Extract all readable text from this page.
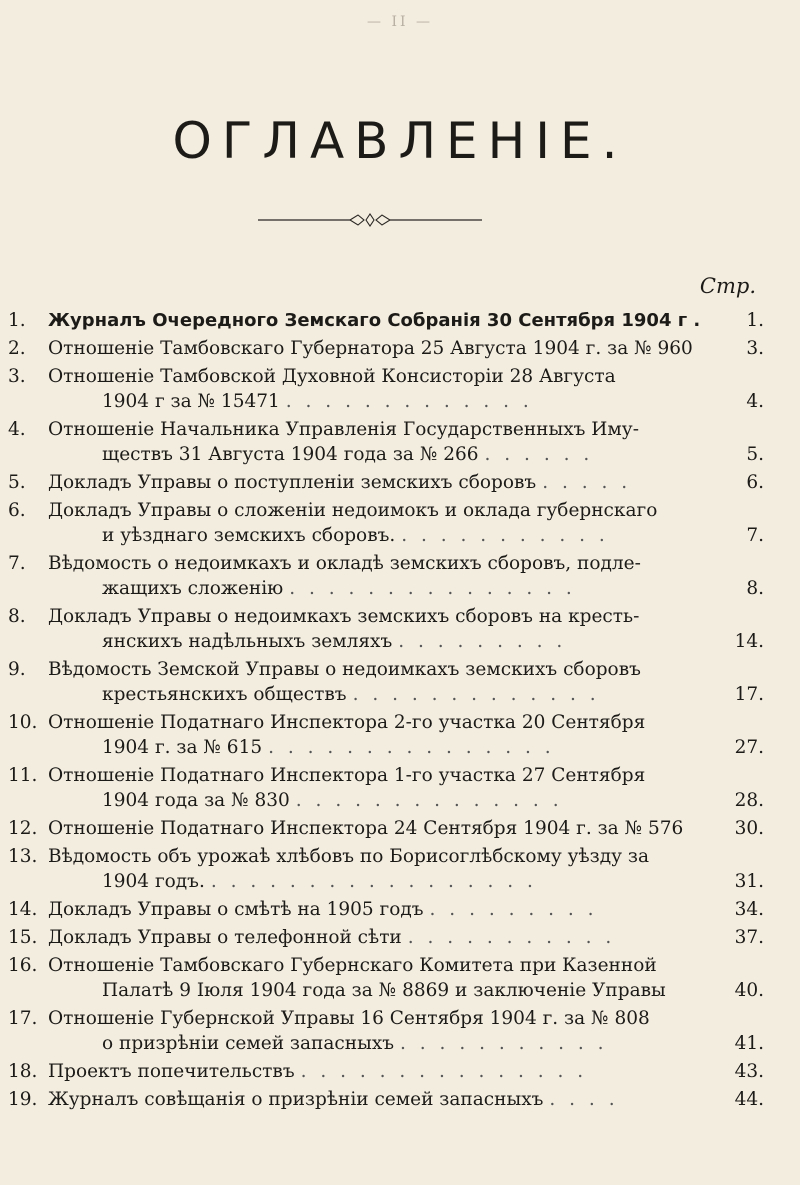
— II —
ОГЛАВЛЕНІЕ.
Стр.
1.	Журналъ Очередного Земскаго Собранія 30 Сентября 1904 г .	1.
2.	Отношеніе Тамбовскаго Губернатора 25 Августа 1904 г. за № 960	3.
3.	Отношеніе Тамбовской Духовной Консисторіи 28 Августа
1904 г за № 15471 . . . . . . . . . . . . .	4.
4.	Отношеніе Начальника Управленія Государственныхъ Иму-
ществъ 31 Августа 1904 года за № 266 . . . . . .	5.
5.	Докладъ Управы о поступленіи земскихъ сборовъ . . . . .	6.
6.	Докладъ Управы о сложеніи недоимокъ и оклада губернскаго
и уѣзднаго земскихъ сборовъ. . . . . . . . . . . .	7.
7.	Вѣдомость о недоимкахъ и окладѣ земскихъ сборовъ, подле-
жащихъ сложенію . . . . . . . . . . . . . . .	8.
8.	Докладъ Управы о недоимкахъ земскихъ сборовъ на кресть-
янскихъ надѣльныхъ земляхъ . . . . . . . . .	14.
9.	Вѣдомость Земской Управы о недоимкахъ земскихъ сборовъ
крестьянскихъ обществъ . . . . . . . . . . . . .	17.
10. Отношеніе Податнаго Инспектора 2-го участка 20 Сентября
1904 г. за № 615 . . . . . . . . . . . . . . .	27.
11. Отношеніе Податнаго Инспектора 1-го участка 27 Сентября
1904 года за № 830 . . . . . . . . . . . . . .	28.
12. Отношеніе Податнаго Инспектора 24 Сентября 1904 г. за № 576	30.
13. Вѣдомость объ урожаѣ хлѣбовъ по Борисоглѣбскому уѣзду за
1904 годъ. . . . . . . . . . . . . . . . . .	31.
14. Докладъ Управы о смѣтѣ на 1905 годъ . . . . . . . . .	34.
15. Докладъ Управы о телефонной сѣти . . . . . . . . . . .	37.
16. Отношеніе Тамбовскаго Губернскаго Комитета при Казенной
Палатѣ 9 Іюля 1904 года за № 8869 и заключеніе Управы	40.
17. Отношеніе Губернской Управы 16 Сентября 1904 г. за № 808
о призрѣніи семей запасныхъ . . . . . . . . . . .	41.
18. Проектъ попечительствъ . . . . . . . . . . . . . . .	43.
19. Журналъ совѣщанія о призрѣніи семей запасныхъ . . . .	44.
